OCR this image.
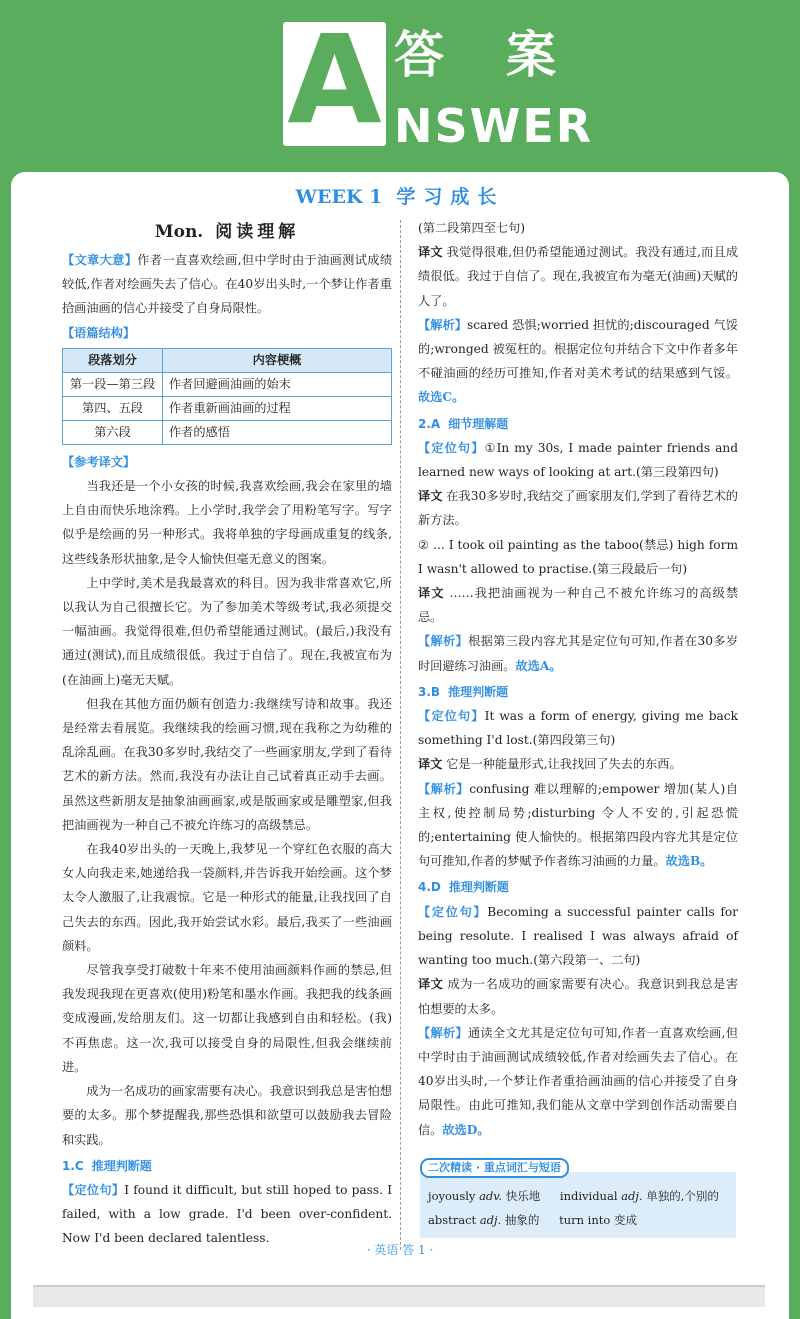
A 答案
NSWER
WEEK 1 学习成长
Mon. 阅读理解

【文章大意】作者一直喜欢绘画,但中学时由于油画测试成绩较低,作者对绘画失去了信心。在40岁出头时,一个梦让作者重拾画油画的信心并接受了自身局限性。

【语篇结构】

段落划分	内容梗概
第一段—第三段	作者回避画油画的始末
第四、五段	作者重新画油画的过程
第六段	作者的感悟

【参考译文】

当我还是一个小女孩的时候,我喜欢绘画,我会在家里的墙上自由而快乐地涂鸦。上小学时,我学会了用粉笔写字。写字似乎是绘画的另一种形式。我将单独的字母画成重复的线条,这些线条形状抽象,是令人愉快但毫无意义的图案。

上中学时,美术是我最喜欢的科目。因为我非常喜欢它,所以我认为自己很擅长它。为了参加美术等级考试,我必须提交一幅油画。我觉得很难,但仍希望能通过测试。(最后,)我没有通过(测试),而且成绩很低。我过于自信了。现在,我被宣布为(在油画上)毫无天赋。

但我在其他方面仍颇有创造力:我继续写诗和故事。我还是经常去看展览。我继续我的绘画习惯,现在我称之为幼稚的乱涂乱画。在我30多岁时,我结交了一些画家朋友,学到了看待艺术的新方法。然而,我没有办法让自己试着真正动手去画。虽然这些新朋友是抽象油画画家,或是版画家或是雕塑家,但我把油画视为一种自己不被允许练习的高级禁忌。

在我40岁出头的一天晚上,我梦见一个穿红色衣服的高大女人向我走来,她递给我一袋颜料,并告诉我开始绘画。这个梦太令人激服了,让我震惊。它是一种形式的能量,让我找回了自己失去的东西。因此,我开始尝试水彩。最后,我买了一些油画颜料。

尽管我享受打破数十年来不使用油画颜料作画的禁忌,但我发现我现在更喜欢(使用)粉笔和墨水作画。我把我的线条画变成漫画,发给朋友们。这一切都让我感到自由和轻松。(我)不再焦虑。这一次,我可以接受自身的局限性,但我会继续前进。

成为一名成功的画家需要有决心。我意识到我总是害怕想要的太多。那个梦提醒我,那些恐惧和欲望可以鼓励我去冒险和实践。

1.C 推理判断题

【定位句】I found it difficult, but still hoped to pass. I failed, with a low grade. I'd been over-confident. Now I'd been declared talentless.

(第二段第四至七句)

译文 我觉得很难,但仍希望能通过测试。我没有通过,而且成绩很低。我过于自信了。现在,我被宣布为毫无(油画)天赋的人了。

【解析】scared 恐惧;worried 担忧的;discouraged 气馁的;wronged 被冤枉的。根据定位句并结合下文中作者多年不碰油画的经历可推知,作者对美术考试的结果感到气馁。故选C。

2.A 细节理解题

【定位句】①In my 30s, I made painter friends and learned new ways of looking at art.(第三段第四句)

译文 在我30多岁时,我结交了画家朋友们,学到了看待艺术的新方法。

② ... I took oil painting as the taboo(禁忌) high form I wasn't allowed to practise.(第三段最后一句)

译文 ……我把油画视为一种自己不被允许练习的高级禁忌。

【解析】根据第三段内容尤其是定位句可知,作者在30多岁时回避练习油画。故选A。

3.B 推理判断题

【定位句】It was a form of energy, giving me back something I'd lost.(第四段第三句)

译文 它是一种能量形式,让我找回了失去的东西。

【解析】confusing 难以理解的;empower 增加(某人)自主权,使控制局势;disturbing 令人不安的,引起恐慌的;entertaining 使人愉快的。根据第四段内容尤其是定位句可推知,作者的梦赋予作者练习油画的力量。故选B。

4.D 推理判断题

【定位句】Becoming a successful painter calls for being resolute. I realised I was always afraid of wanting too much.(第六段第一、二句)

译文 成为一名成功的画家需要有决心。我意识到我总是害怕想要的太多。

【解析】通读全文尤其是定位句可知,作者一直喜欢绘画,但中学时由于油画测试成绩较低,作者对绘画失去了信心。在40岁出头时,一个梦让作者重拾画油画的信心并接受了自身局限性。由此可推知,我们能从文章中学到创作活动需要自信。故选D。

二次精读 · 重点词汇与短语
joyously adv. 快乐地 individual adj. 单独的,个别的
abstract adj. 抽象的 turn into 变成
· 英语 答 1 ·
